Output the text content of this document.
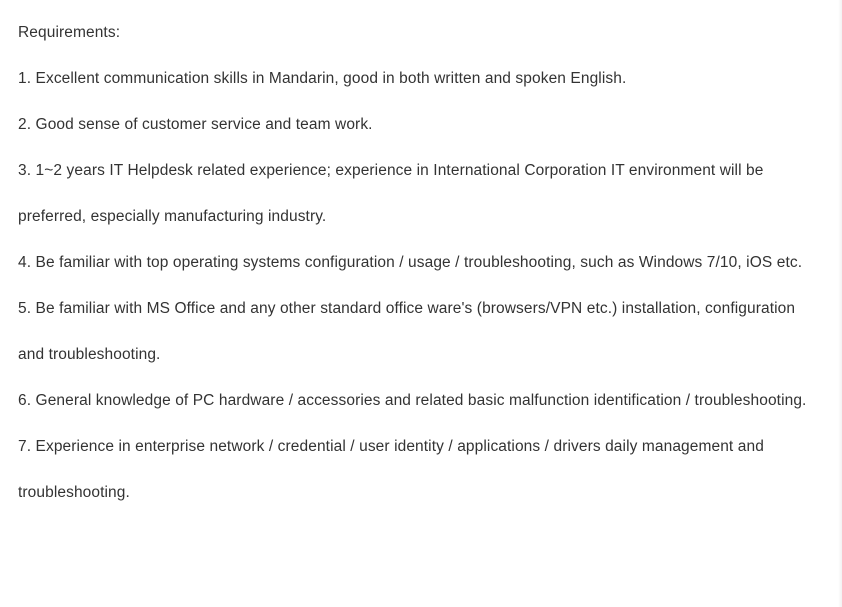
Requirements:

1. Excellent communication skills in Mandarin, good in both written and spoken English.

2. Good sense of customer service and team work.

3. 1~2 years IT Helpdesk related experience; experience in International Corporation IT environment will be preferred, especially manufacturing industry.

4. Be familiar with top operating systems configuration / usage / troubleshooting, such as Windows 7/10, iOS etc.

5. Be familiar with MS Office and any other standard office ware's (browsers/VPN etc.) installation, configuration and troubleshooting.

6. General knowledge of PC hardware / accessories and related basic malfunction identification / troubleshooting.

7. Experience in enterprise network / credential / user identity / applications / drivers daily management and troubleshooting.
